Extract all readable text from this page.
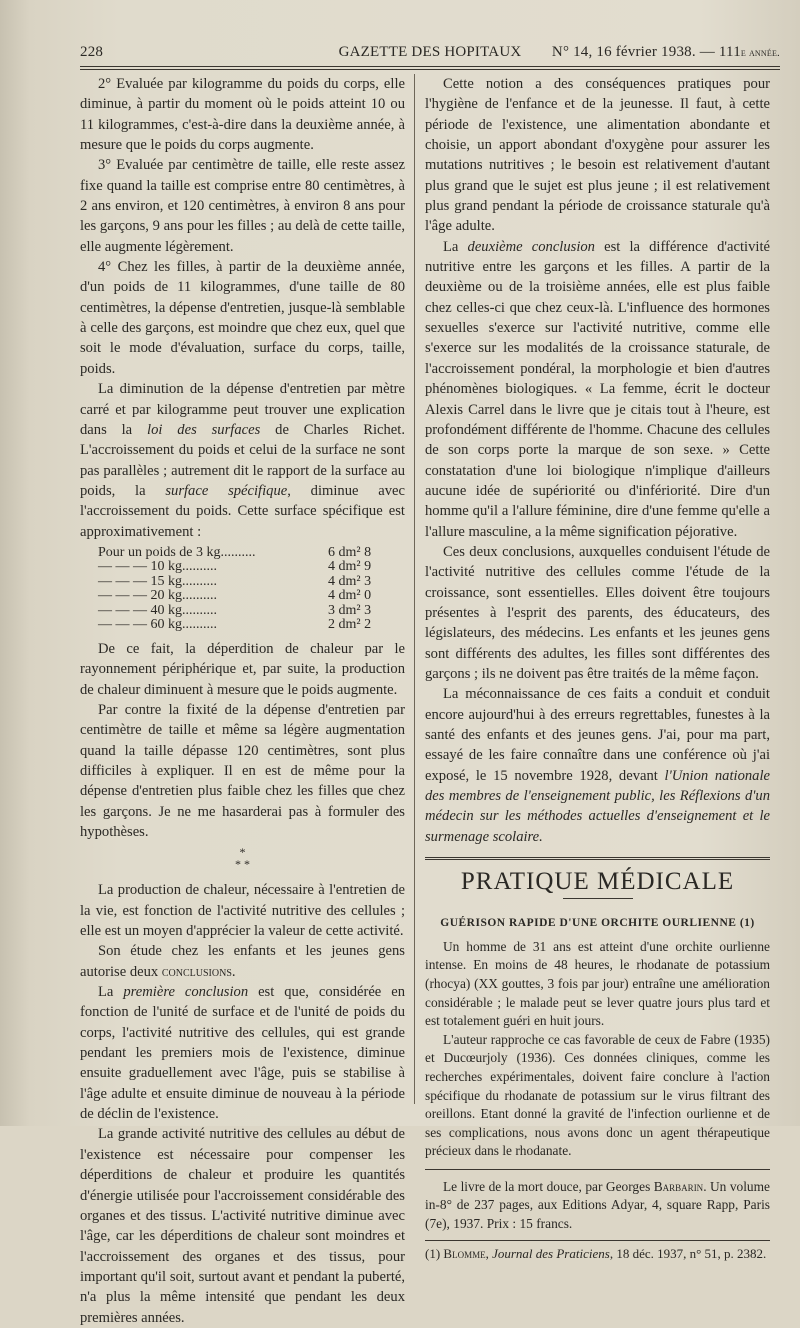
228	GAZETTE DES HOPITAUX	N° 14, 16 février 1938. — 111e année.

2° Evaluée par kilogramme du poids du corps, elle diminue, à partir du moment où le poids atteint 10 ou 11 kilogrammes, c'est-à-dire dans la deuxième année, à mesure que le poids du corps augmente.

3° Evaluée par centimètre de taille, elle reste assez fixe quand la taille est comprise entre 80 centimètres, à 2 ans environ, et 120 centimètres, à environ 8 ans pour les garçons, 9 ans pour les filles ; au delà de cette taille, elle augmente légèrement.

4° Chez les filles, à partir de la deuxième année, d'un poids de 11 kilogrammes, d'une taille de 80 centimètres, la dépense d'entretien, jusque-là semblable à celle des garçons, est moindre que chez eux, quel que soit le mode d'évaluation, surface du corps, taille, poids.

La diminution de la dépense d'entretien par mètre carré et par kilogramme peut trouver une explication dans la loi des surfaces de Charles Richet. L'accroissement du poids et celui de la surface ne sont pas parallèles ; autrement dit le rapport de la surface au poids, la surface spécifique, diminue avec l'accroissement du poids. Cette surface spécifique est approximativement :

Pour un poids de 3 kg..........	6 dm² 8
— — — 10 kg..........	4 dm² 9
— — — 15 kg..........	4 dm² 3
— — — 20 kg..........	4 dm² 0
— — — 40 kg..........	3 dm² 3
— — — 60 kg..........	2 dm² 2

De ce fait, la déperdition de chaleur par le rayonnement périphérique et, par suite, la production de chaleur diminuent à mesure que le poids augmente.

Par contre la fixité de la dépense d'entretien par centimètre de taille et même sa légère augmentation quand la taille dépasse 120 centimètres, sont plus difficiles à expliquer. Il en est de même pour la dépense d'entretien plus faible chez les filles que chez les garçons. Je ne me hasarderai pas à formuler des hypothèses.

*
* *

La production de chaleur, nécessaire à l'entretien de la vie, est fonction de l'activité nutritive des cellules ; elle est un moyen d'apprécier la valeur de cette activité.

Son étude chez les enfants et les jeunes gens autorise deux conclusions.

La première conclusion est que, considérée en fonction de l'unité de surface et de l'unité de poids du corps, l'activité nutritive des cellules, qui est grande pendant les premiers mois de l'existence, diminue ensuite graduellement avec l'âge, puis se stabilise à l'âge adulte et ensuite diminue de nouveau à la période de déclin de l'existence.

La grande activité nutritive des cellules au début de l'existence est nécessaire pour compenser les déperditions de chaleur et produire les quantités d'énergie utilisée pour l'accroissement considérable des organes et des tissus. L'activité nutritive diminue avec l'âge, car les déperditions de chaleur sont moindres et l'accroissement des organes et des tissus, pour important qu'il soit, surtout avant et pendant la puberté, n'a plus la même intensité que pendant les deux premières années.

Cette notion a des conséquences pratiques pour l'hygiène de l'enfance et de la jeunesse. Il faut, à cette période de l'existence, une alimentation abondante et choisie, un apport abondant d'oxygène pour assurer les mutations nutritives ; le besoin est relativement d'autant plus grand que le sujet est plus jeune ; il est relativement plus grand pendant la période de croissance staturale qu'à l'âge adulte.

La deuxième conclusion est la différence d'activité nutritive entre les garçons et les filles. A partir de la deuxième ou de la troisième années, elle est plus faible chez celles-ci que chez ceux-là. L'influence des hormones sexuelles s'exerce sur l'activité nutritive, comme elle s'exerce sur les modalités de la croissance staturale, de l'accroissement pondéral, la morphologie et bien d'autres phénomènes biologiques. « La femme, écrit le docteur Alexis Carrel dans le livre que je citais tout à l'heure, est profondément différente de l'homme. Chacune des cellules de son corps porte la marque de son sexe. » Cette constatation d'une loi biologique n'implique d'ailleurs aucune idée de supériorité ou d'infériorité. Dire d'un homme qu'il a l'allure féminine, dire d'une femme qu'elle a l'allure masculine, a la même signification péjorative.

Ces deux conclusions, auxquelles conduisent l'étude de l'activité nutritive des cellules comme l'étude de la croissance, sont essentielles. Elles doivent être toujours présentes à l'esprit des parents, des éducateurs, des législateurs, des médecins. Les enfants et les jeunes gens sont différents des adultes, les filles sont différentes des garçons ; ils ne doivent pas être traités de la même façon.

La méconnaissance de ces faits a conduit et conduit encore aujourd'hui à des erreurs regrettables, funestes à la santé des enfants et des jeunes gens. J'ai, pour ma part, essayé de les faire connaître dans une conférence où j'ai exposé, le 15 novembre 1928, devant l'Union nationale des membres de l'enseignement public, les Réflexions d'un médecin sur les méthodes actuelles d'enseignement et le surmenage scolaire.

PRATIQUE MÉDICALE
GUÉRISON RAPIDE D'UNE ORCHITE OURLIENNE (1)

Un homme de 31 ans est atteint d'une orchite ourlienne intense. En moins de 48 heures, le rhodanate de potassium (rhocya) (XX gouttes, 3 fois par jour) entraîne une amélioration considérable ; le malade peut se lever quatre jours plus tard et est totalement guéri en huit jours.

L'auteur rapproche ce cas favorable de ceux de Fabre (1935) et Ducœurjoly (1936). Ces données cliniques, comme les recherches expérimentales, doivent faire conclure à l'action spécifique du rhodanate de potassium sur le virus filtrant des oreillons. Etant donné la gravité de l'infection ourlienne et de ses complications, nous avons donc un agent thérapeutique précieux dans le rhodanate.

Le livre de la mort douce, par Georges Barbarin. Un volume in-8° de 237 pages, aux Editions Adyar, 4, square Rapp, Paris (7e), 1937. Prix : 15 francs.

(1) Blomme, Journal des Praticiens, 18 déc. 1937, n° 51, p. 2382.
